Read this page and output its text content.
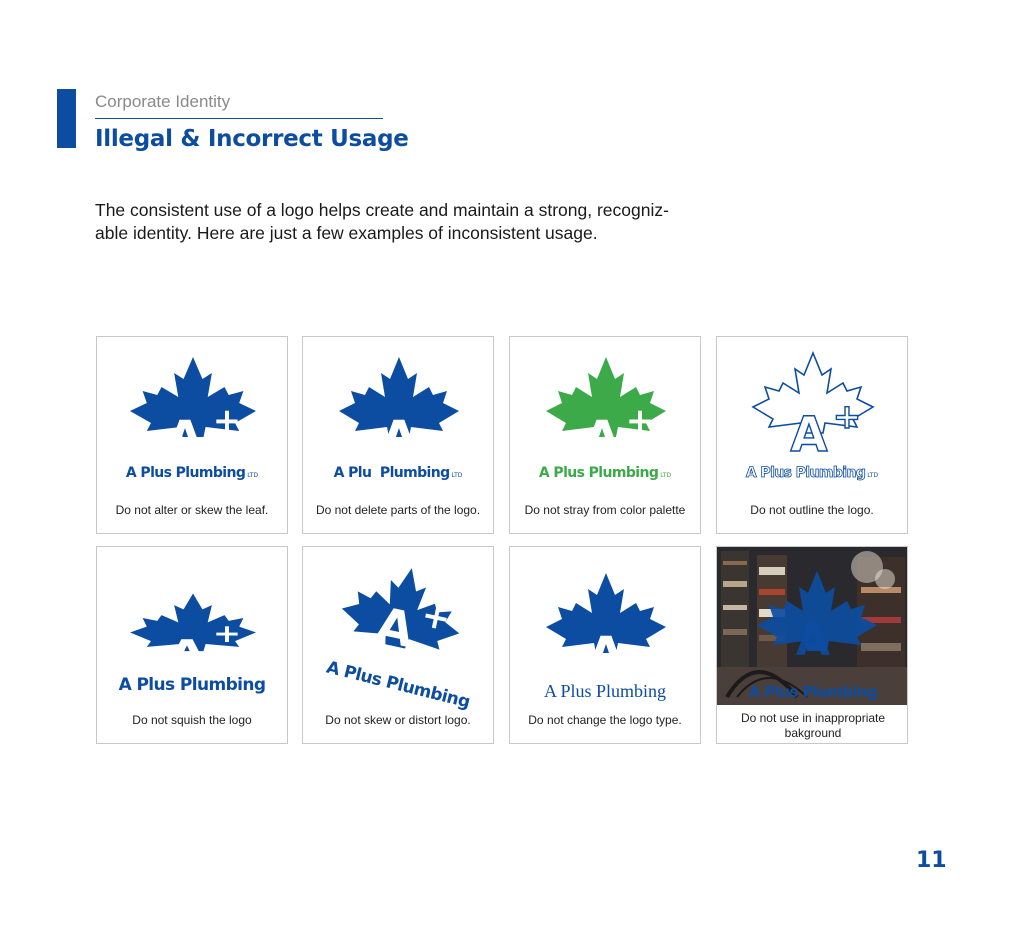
Corporate Identity
Illegal & Incorrect Usage

The consistent use of a logo helps create and maintain a strong, recogniz-
able identity. Here are just a few examples of inconsistent usage.

A +
A Plus Plumbing LTD
Do not alter or skew the leaf.
A
A Plu  Plumbing LTD
Do not delete parts of the logo.
A +
A Plus Plumbing LTD
Do not stray from color palette
A +
A Plus Plumbing LTD
Do not outline the logo.
A +
A Plus Plumbing
Do not squish the logo
A +
A Plus Plumbing
Do not skew or distort logo.
A
A Plus Plumbing
Do not change the logo type.
A
A Plus Plumbing
Do not use in inappropriate bakground
11
